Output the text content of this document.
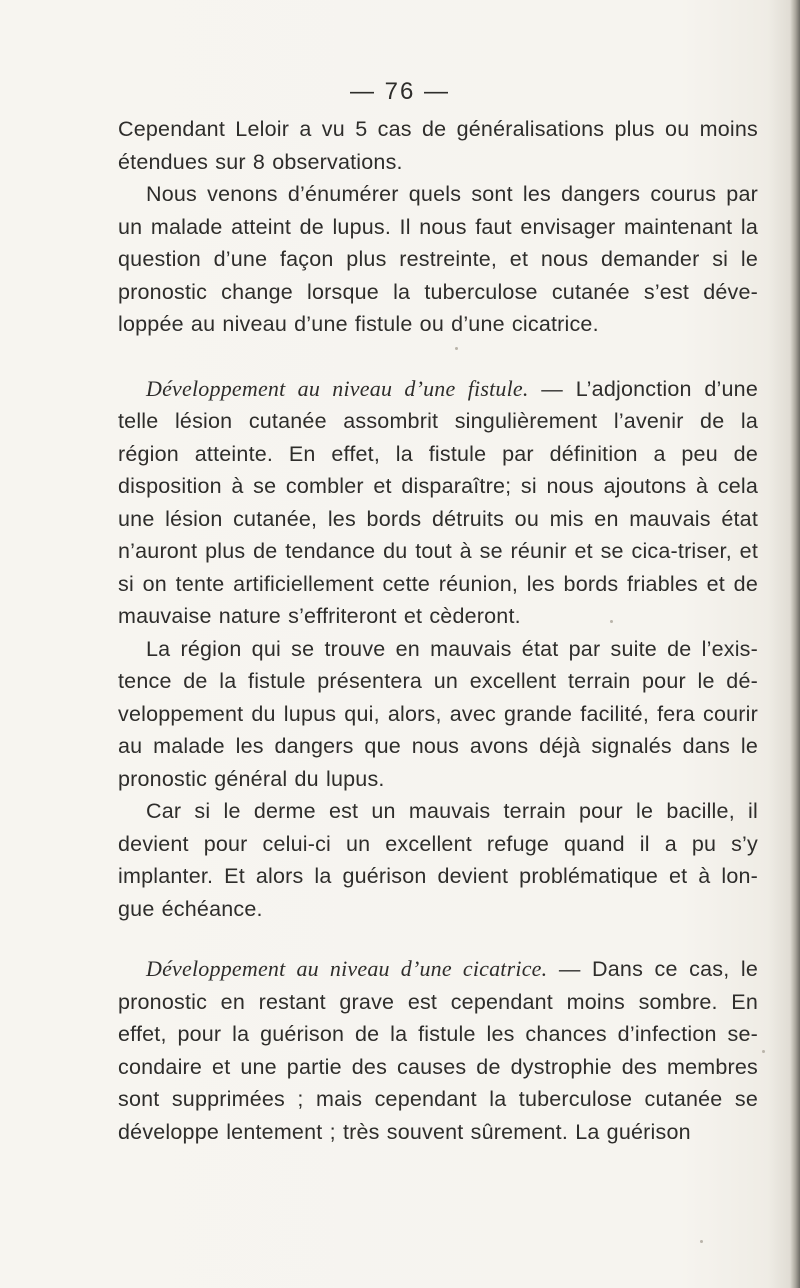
— 76 —

Cependant Leloir a vu 5 cas de généralisations plus ou moins étendues sur 8 observations.

Nous venons d’énumérer quels sont les dangers courus par un malade atteint de lupus. Il nous faut envisager maintenant la question d’une façon plus restreinte, et nous demander si le pronostic change lorsque la tuberculose cutanée s’est déve-loppée au niveau d’une fistule ou d’une cicatrice.

Développement au niveau d’une fistule. — L’adjonction d’une telle lésion cutanée assombrit singulièrement l’avenir de la région atteinte. En effet, la fistule par définition a peu de disposition à se combler et disparaître; si nous ajoutons à cela une lésion cutanée, les bords détruits ou mis en mauvais état n’auront plus de tendance du tout à se réunir et se cica-triser, et si on tente artificiellement cette réunion, les bords friables et de mauvaise nature s’effriteront et cèderont.

La région qui se trouve en mauvais état par suite de l’exis-tence de la fistule présentera un excellent terrain pour le dé-veloppement du lupus qui, alors, avec grande facilité, fera courir au malade les dangers que nous avons déjà signalés dans le pronostic général du lupus.

Car si le derme est un mauvais terrain pour le bacille, il devient pour celui-ci un excellent refuge quand il a pu s’y implanter. Et alors la guérison devient problématique et à lon-gue échéance.

Développement au niveau d’une cicatrice. — Dans ce cas, le pronostic en restant grave est cependant moins sombre. En effet, pour la guérison de la fistule les chances d’infection se-condaire et une partie des causes de dystrophie des membres sont supprimées ; mais cependant la tuberculose cutanée se développe lentement ; très souvent sûrement. La guérison
